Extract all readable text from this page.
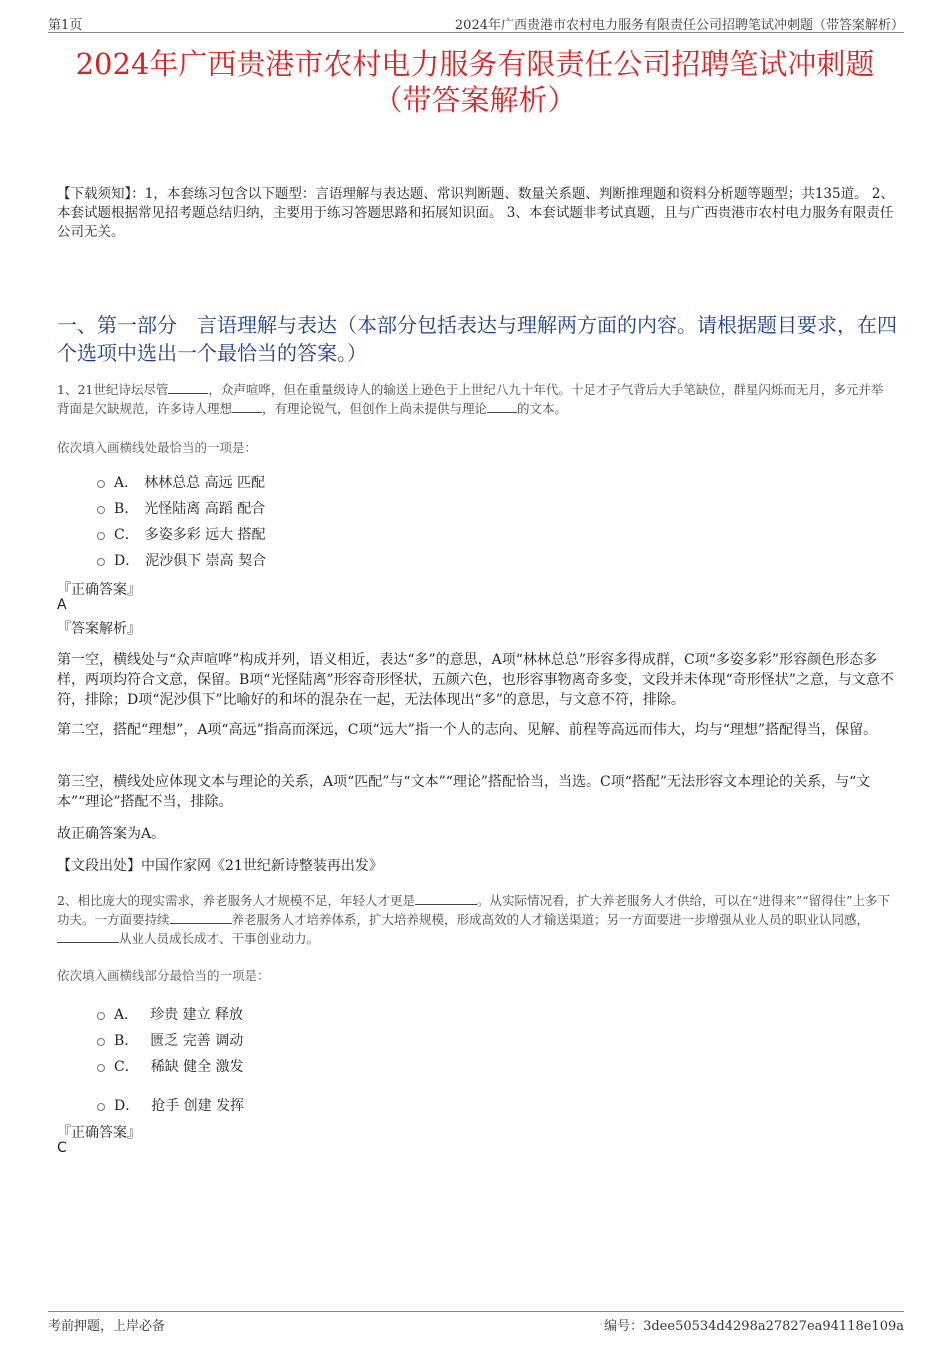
第1页	2024年广西贵港市农村电力服务有限责任公司招聘笔试冲刺题（带答案解析）
2024年广西贵港市农村电力服务有限责任公司招聘笔试冲刺题
（带答案解析）
【下载须知】：1，本套练习包含以下题型：言语理解与表达题、常识判断题、数量关系题、判断推理题和资料分析题等题型；共135道。 2、本套试题根据常见招考题总结归纳，主要用于练习答题思路和拓展知识面。 3、本套试题非考试真题，且与广西贵港市农村电力服务有限责任公司无关。
一、第一部分　言语理解与表达（本部分包括表达与理解两方面的内容。请根据题目要求，在四个选项中选出一个最恰当的答案。）
1、21世纪诗坛尽管	，众声喧哗，但在重量级诗人的输送上逊色于上世纪八九十年代。十足才子气背后大手笔缺位，群星闪烁而无月，多元并举背面是欠缺规范，许多诗人理想 ，有理论锐气，但创作上尚未提供与理论 的文本。
依次填入画横线处最恰当的一项是：
A． 林林总总 高远 匹配
B． 光怪陆离 高蹈 配合
C． 多姿多彩 远大 搭配
D． 泥沙俱下 崇高 契合
『正确答案』
A
『答案解析』
第一空，横线处与“众声喧哗”构成并列，语义相近，表达“多”的意思，A项“林林总总”形容多得成群，C项“多姿多彩”形容颜色形态多样，两项均符合文意，保留。B项“光怪陆离”形容奇形怪状，五颜六色，也形容事物离奇多变，文段并未体现“奇形怪状”之意，与文意不符，排除；D项“泥沙俱下”比喻好的和坏的混杂在一起，无法体现出“多”的意思，与文意不符，排除。
第二空，搭配“理想”，A项“高远”指高而深远，C项“远大”指一个人的志向、见解、前程等高远而伟大，均与“理想”搭配得当，保留。
第三空，横线处应体现文本与理论的关系，A项“匹配”与“文本”“理论”搭配恰当，当选。C项“搭配”无法形容文本理论的关系，与“文本”“理论”搭配不当，排除。
故正确答案为A。
【文段出处】中国作家网《21世纪新诗整装再出发》
2、相比庞大的现实需求，养老服务人才规模不足，年轻人才更是	。从实际情况看，扩大养老服务人才供给，可以在“进得来”“留得住”上多下功夫。一方面要持续	养老服务人才培养体系，扩大培养规模，形成高效的人才输送渠道；另一方面要进一步增强从业人员的职业认同感，从业人员成长成才、干事创业动力。
依次填入画横线部分最恰当的一项是：
A． 珍贵 建立 释放
B． 匮乏 完善 调动
C． 稀缺 健全 激发
D． 抢手 创建 发挥
『正确答案』
C
考前押题，上岸必备	编号：3dee50534d4298a27827ea94118e109a
